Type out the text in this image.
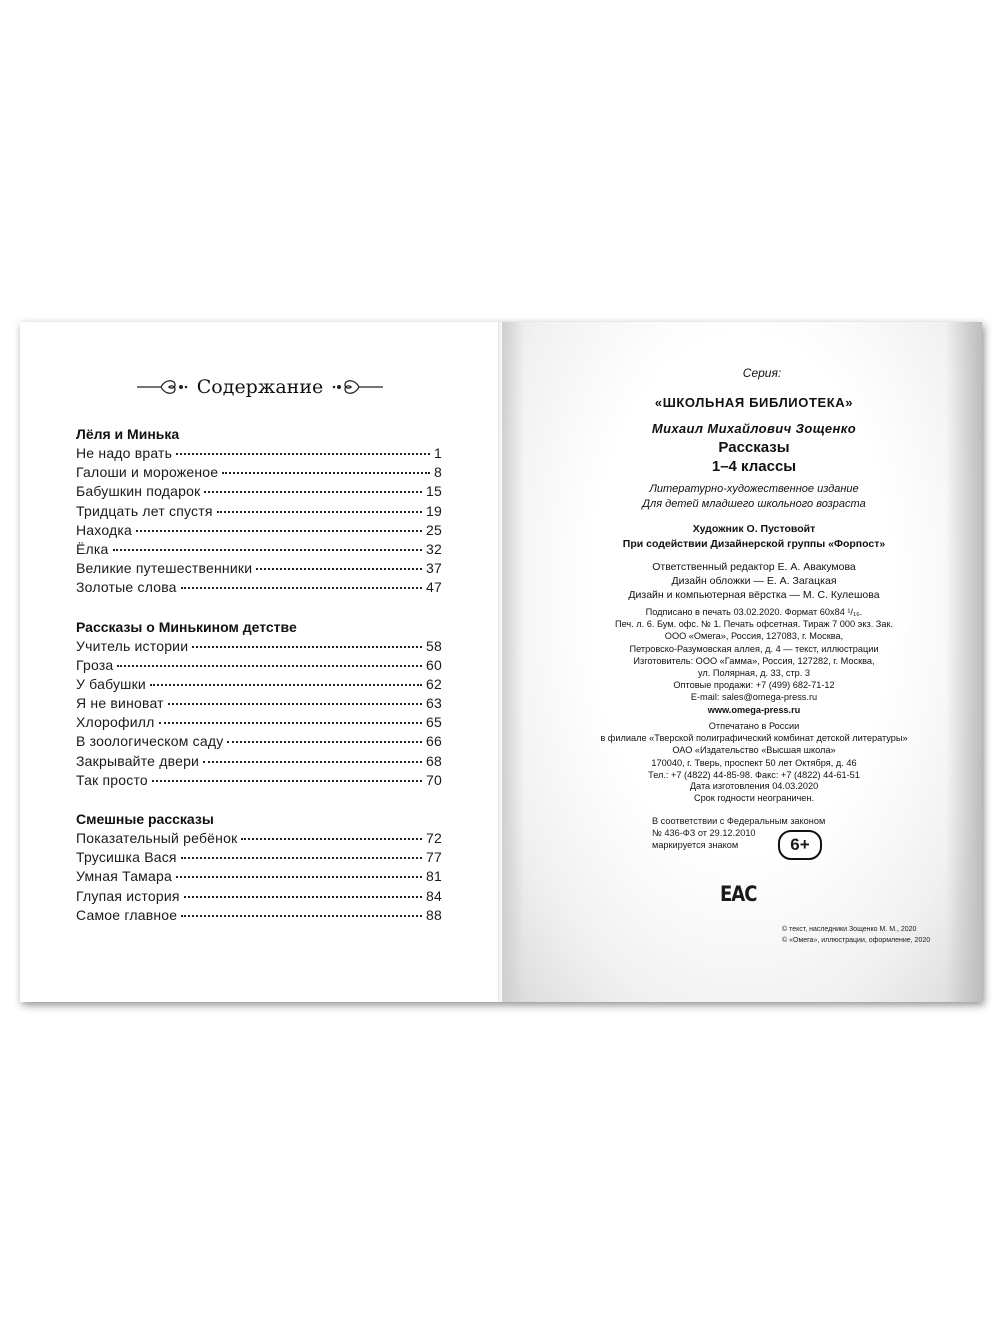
Содержание
Лёля и Минька
Не надо врать	1
Галоши и мороженое	8
Бабушкин подарок	15
Тридцать лет спустя	19
Находка	25
Ёлка	32
Великие путешественники	37
Золотые слова	47
Рассказы о Минькином детстве
Учитель истории	58
Гроза	60
У бабушки	62
Я не виноват	63
Хлорофилл	65
В зоологическом саду	66
Закрывайте двери	68
Так просто	70
Смешные рассказы
Показательный ребёнок	72
Трусишка Вася	77
Умная Тамара	81
Глупая история	84
Самое главное	88
Серия:
«ШКОЛЬНАЯ БИБЛИОТЕКА»
Михаил Михайлович Зощенко
Рассказы
1–4 классы
Литературно-художественное издание
Для детей младшего школьного возраста
Художник О. Пустовойт
При содействии Дизайнерской группы «Форпост»
Ответственный редактор Е. А. Авакумова
Дизайн обложки — Е. А. Загацкая
Дизайн и компьютерная вёрстка — М. С. Кулешова
Подписано в печать 03.02.2020. Формат 60х84 ¹/₁₆.
Печ. л. 6. Бум. офс. № 1. Печать офсетная. Тираж 7 000 экз. Зак.
ООО «Омега», Россия, 127083, г. Москва,
Петровско-Разумовская аллея, д. 4 — текст, иллюстрации
Изготовитель: ООО «Гамма», Россия, 127282, г. Москва,
ул. Полярная, д. 33, стр. 3
Оптовые продажи: +7 (499) 682-71-12
E-mail: sales@omega-press.ru
www.omega-press.ru
Отпечатано в России
в филиале «Тверской полиграфический комбинат детской литературы»
ОАО «Издательство «Высшая школа»
170040, г. Тверь, проспект 50 лет Октября, д. 46
Тел.: +7 (4822) 44-85-98. Факс: +7 (4822) 44-61-51
Дата изготовления 04.03.2020
Срок годности неограничен.
В соответствии с Федеральным законом
№ 436-ФЗ от 29.12.2010
маркируется знаком	6+
ЕАС
© текст, наследники Зощенко М. М., 2020
© «Омега», иллюстрации, оформление, 2020
